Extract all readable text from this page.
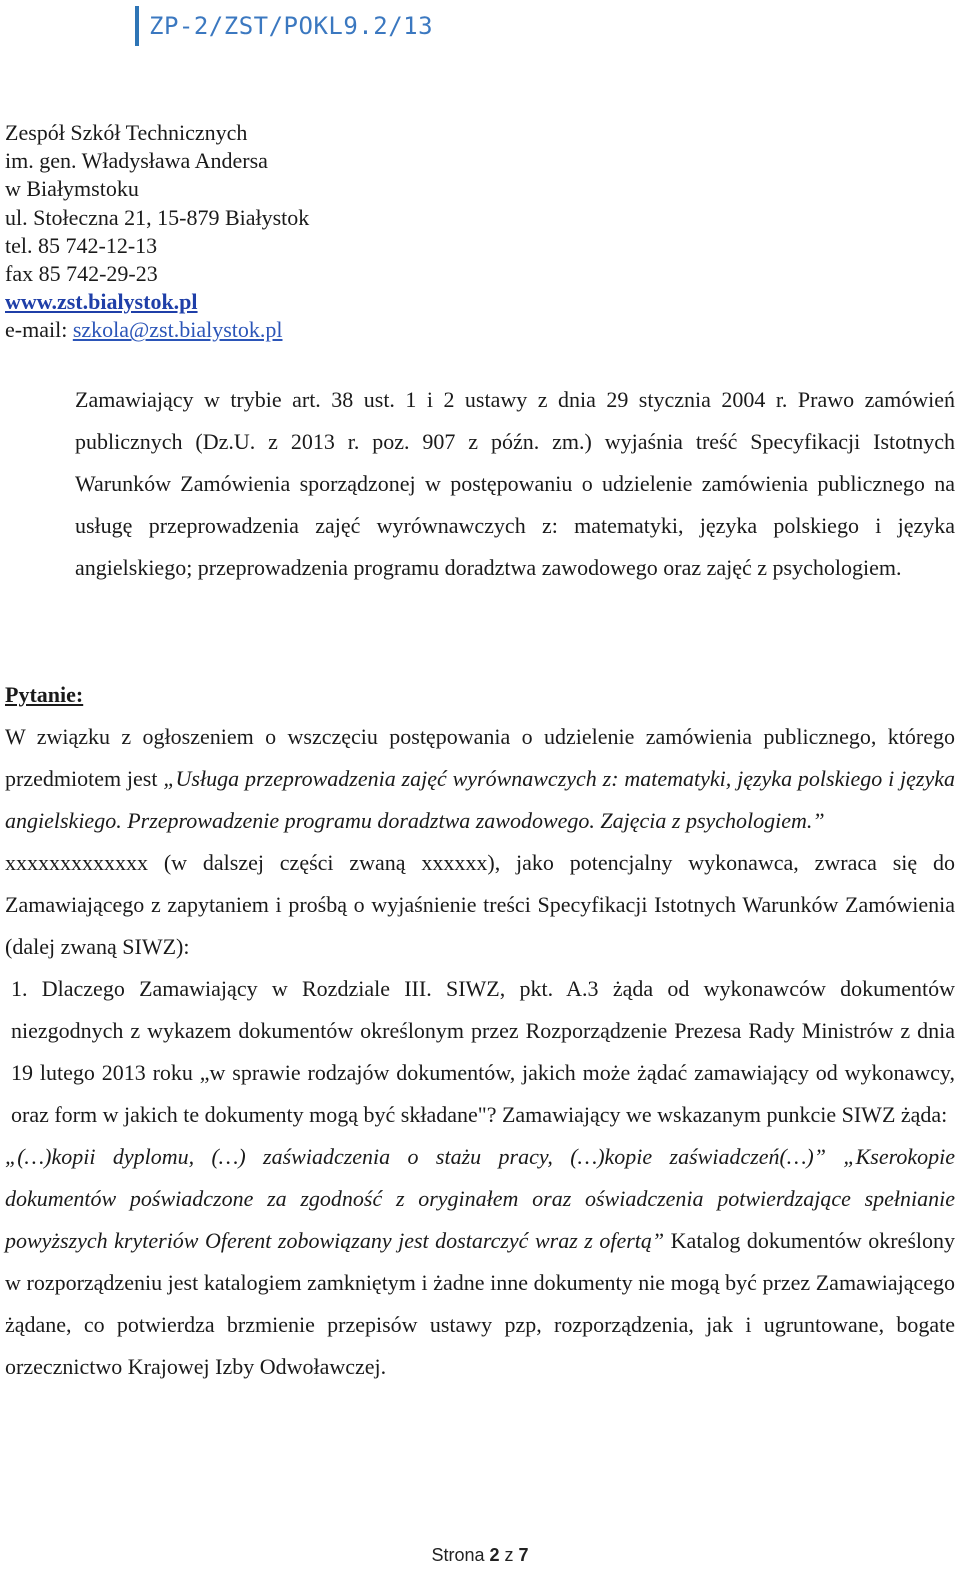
ZP-2/ZST/POKL9.2/13
Zespół Szkół Technicznych
im. gen. Władysława Andersa
w Białymstoku
ul. Stołeczna 21, 15-879 Białystok
tel. 85 742-12-13
fax 85 742-29-23
www.zst.bialystok.pl
e-mail: szkola@zst.bialystok.pl

Zamawiający w trybie art. 38 ust. 1 i 2 ustawy z dnia 29 stycznia 2004 r. Prawo zamówień publicznych (Dz.U. z 2013 r. poz. 907 z późn. zm.) wyjaśnia treść Specyfikacji Istotnych Warunków Zamówienia sporządzonej w postępowaniu o udzielenie zamówienia publicznego na usługę przeprowadzenia zajęć wyrównawczych z: matematyki, języka polskiego i języka angielskiego; przeprowadzenia programu doradztwa zawodowego oraz zajęć z psychologiem.

Pytanie:

W związku z ogłoszeniem o wszczęciu postępowania o udzielenie zamówienia publicznego, którego przedmiotem jest „Usługa przeprowadzenia zajęć wyrównawczych z: matematyki, języka polskiego i języka angielskiego. Przeprowadzenie programu doradztwa zawodowego. Zajęcia z psychologiem.”

xxxxxxxxxxxxx (w dalszej części zwaną xxxxxx), jako potencjalny wykonawca, zwraca się do Zamawiającego z zapytaniem i prośbą o wyjaśnienie treści Specyfikacji Istotnych Warunków Zamówienia (dalej zwaną SIWZ):

1. Dlaczego Zamawiający w Rozdziale III. SIWZ, pkt. A.3 żąda od wykonawców dokumentów niezgodnych z wykazem dokumentów określonym przez Rozporządzenie Prezesa Rady Ministrów z dnia 19 lutego 2013 roku „w sprawie rodzajów dokumentów, jakich może żądać zamawiający od wykonawcy, oraz form w jakich te dokumenty mogą być składane"? Zamawiający we wskazanym punkcie SIWZ żąda:

„(…)kopii dyplomu, (…) zaświadczenia o stażu pracy, (…)kopie zaświadczeń(…)” „Kserokopie dokumentów poświadczone za zgodność z oryginałem oraz oświadczenia potwierdzające spełnianie powyższych kryteriów Oferent zobowiązany jest dostarczyć wraz z ofertą” Katalog dokumentów określony w rozporządzeniu jest katalogiem zamkniętym i żadne inne dokumenty nie mogą być przez Zamawiającego żądane, co potwierdza brzmienie przepisów ustawy pzp, rozporządzenia, jak i ugruntowane, bogate orzecznictwo Krajowej Izby Odwoławczej.

Strona 2 z 7
